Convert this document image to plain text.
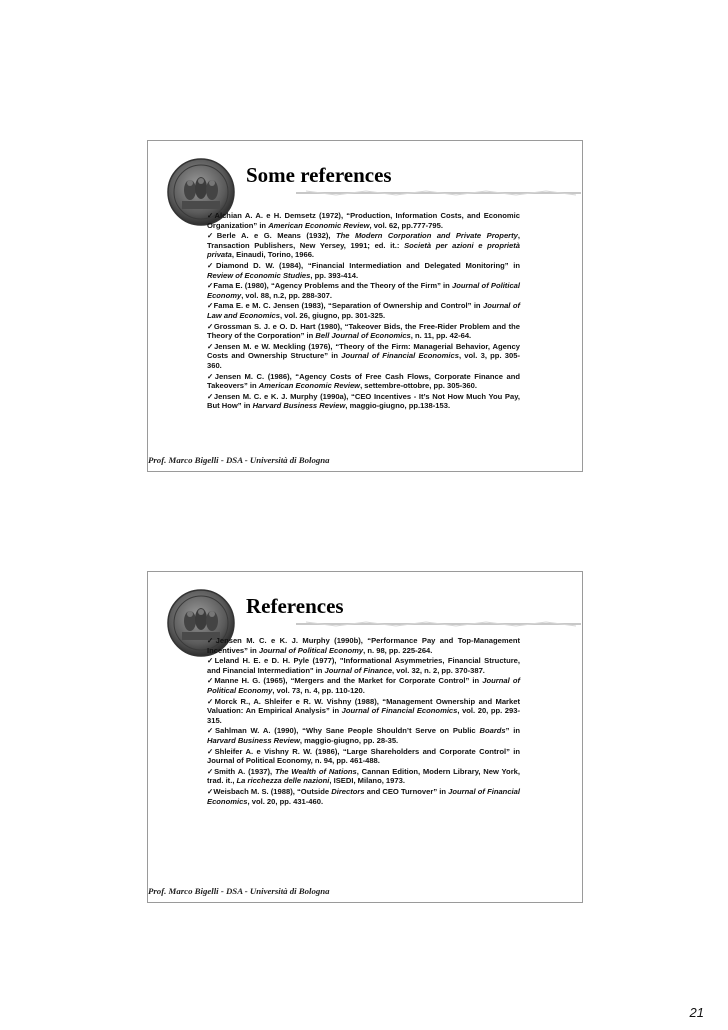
Some references
✓Alchian A. A. e H. Demsetz (1972), “Production, Information Costs, and Economic Organization” in American Economic Review, vol. 62, pp.777-795.
✓Berle A. e G. Means (1932), The Modern Corporation and Private Property, Transaction Publishers, New Yersey, 1991; ed. it.: Società per azioni e proprietà privata, Einaudi, Torino, 1966.
✓Diamond D. W. (1984), “Financial Intermediation and Delegated Monitoring” in Review of Economic Studies, pp. 393-414.
✓Fama E. (1980), “Agency Problems and the Theory of the Firm” in Journal of Political Economy, vol. 88, n.2, pp. 288-307.
✓Fama E. e M. C. Jensen (1983), “Separation of Ownership and Control” in Journal of Law and Economics, vol. 26, giugno, pp. 301-325.
✓Grossman S. J. e O. D. Hart (1980), “Takeover Bids, the Free-Rider Problem and the Theory of the Corporation” in Bell Journal of Economics, n. 11, pp. 42-64.
✓Jensen M. e W. Meckling (1976), “Theory of the Firm: Managerial Behavior, Agency Costs and Ownership Structure” in Journal of Financial Economics, vol. 3, pp. 305-360.
✓Jensen M. C. (1986), “Agency Costs of Free Cash Flows, Corporate Finance and Takeovers” in American Economic Review, settembre-ottobre, pp. 305-360.
✓Jensen M. C. e K. J. Murphy (1990a), “CEO Incentives - It’s Not How Much You Pay, But How” in Harvard Business Review, maggio-giugno, pp.138-153.
Prof. Marco Bigelli - DSA - Università di Bologna
References
✓Jensen M. C. e K. J. Murphy (1990b), “Performance Pay and Top-Management Incentives” in Journal of Political Economy, n. 98, pp. 225-264.
✓Leland H. E. e D. H. Pyle (1977), "Informational Asymmetries, Financial Structure, and Financial Intermediation" in Journal of Finance, vol. 32, n. 2, pp. 370-387.
✓Manne H. G. (1965), “Mergers and the Market for Corporate Control” in Journal of Political Economy, vol. 73, n. 4, pp. 110-120.
✓Morck R., A. Shleifer e R. W. Vishny (1988), “Management Ownership and Market Valuation: An Empirical Analysis” in Journal of Financial Economics, vol. 20, pp. 293-315.
✓Sahlman W. A. (1990), “Why Sane People Shouldn’t Serve on Public Boards” in Harvard Business Review, maggio-giugno, pp. 28-35.
✓Shleifer A. e Vishny R. W. (1986), “Large Shareholders and Corporate Control” in Journal of Political Economy, n. 94, pp. 461-488.
✓Smith A. (1937), The Wealth of Nations, Cannan Edition, Modern Library, New York, trad. it., La ricchezza delle nazioni, ISEDI, Milano, 1973.
✓Weisbach M. S. (1988), “Outside Directors and CEO Turnover” in Journal of Financial Economics, vol. 20, pp. 431-460.
Prof. Marco Bigelli - DSA - Università di Bologna
21
